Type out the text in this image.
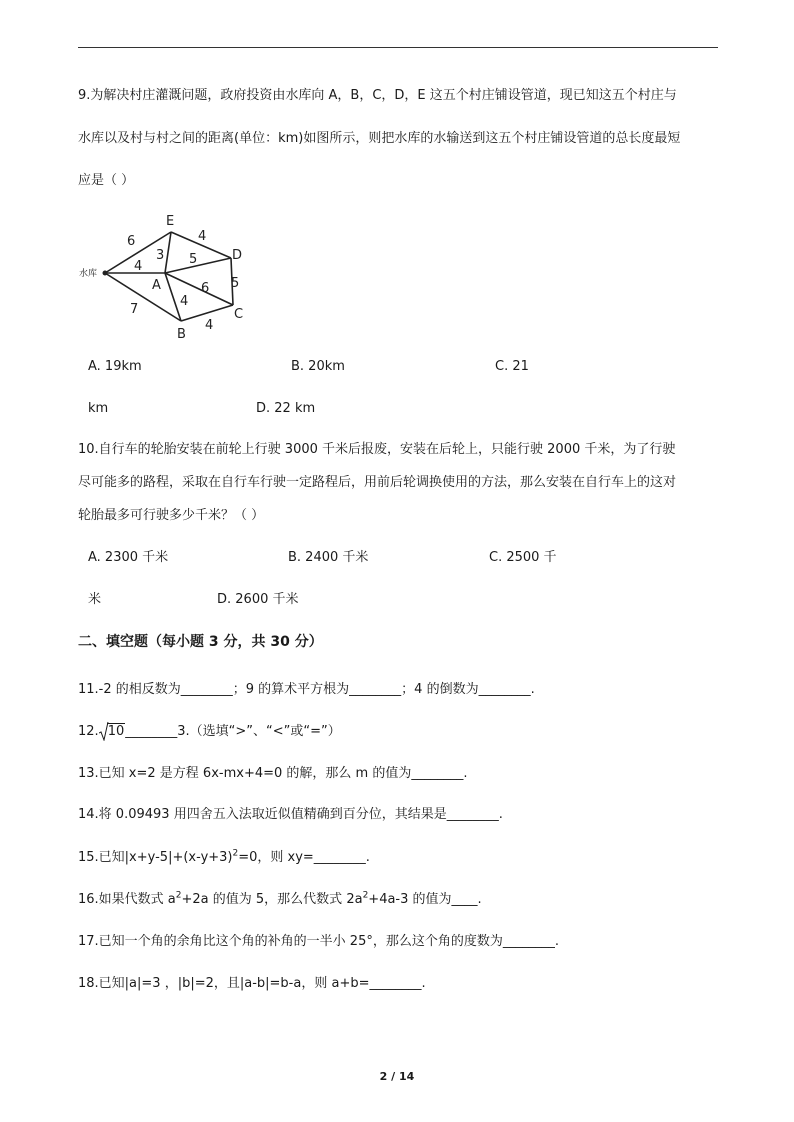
9.为解决村庄灌溉问题，政府投资由水库向 A，B，C，D，E 这五个村庄铺设管道，现已知这五个村庄与
水库以及村与村之间的距离(单位：km)如图所示，则把水库的水输送到这五个村庄铺设管道的总长度最短
应是（ ）
水库
A
B
C
D
E
6
4
7
3
4
5
5
6
4
4
A. 19km	B. 20km	C. 21
km	D. 22 km
10.自行车的轮胎安装在前轮上行驶 3000 千米后报废，安装在后轮上，只能行驶 2000 千米，为了行驶
尽可能多的路程，采取在自行车行驶一定路程后，用前后轮调换使用的方法，那么安装在自行车上的这对
轮胎最多可行驶多少千米？（ ）
A. 2300 千米	B. 2400 千米	C. 2500 千
米	D. 2600 千米
二、填空题（每小题 3 分，共 30 分）
11.-2 的相反数为________；9 的算术平方根为________；4 的倒数为________.
12. 10________3.（选填“>”、“<”或“=”）
13.已知 x=2 是方程 6x-mx+4=0 的解，那么 m 的值为________.
14.将 0.09493 用四舍五入法取近似值精确到百分位，其结果是________.
15.已知$|x+y-5|+(x-y+3)^2=0$，则 xy=________.
16.如果代数式 $a^2+2a$ 的值为 5，那么代数式 $2a^2+4a-3$ 的值为____.
17.已知一个角的余角比这个角的补角的一半小 25°，那么这个角的度数为________.
18.已知|a|=3 ，|b|=2，且|a-b|=b-a，则 a+b=________.
2 / 14
